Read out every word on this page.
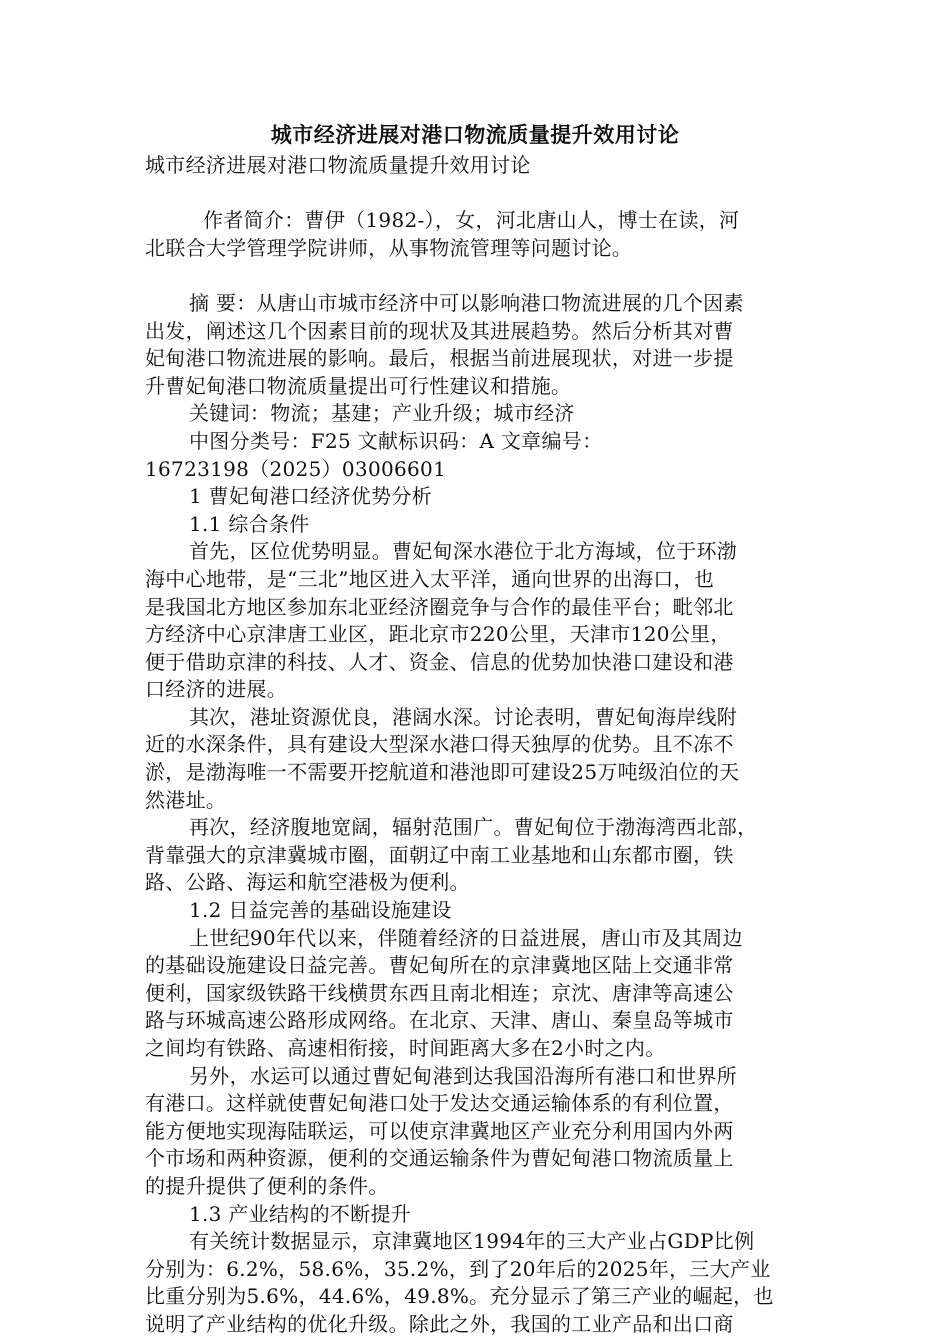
城市经济进展对港口物流质量提升效用讨论

城市经济进展对港口物流质量提升效用讨论

作者简介：曹伊（1982-），女，河北唐山人，博士在读，河

北联合大学管理学院讲师，从事物流管理等问题讨论。

摘 要：从唐山市城市经济中可以影响港口物流进展的几个因素

出发，阐述这几个因素目前的现状及其进展趋势。然后分析其对曹

妃甸港口物流进展的影响。最后，根据当前进展现状，对进一步提

升曹妃甸港口物流质量提出可行性建议和措施。

关键词：物流；基建；产业升级；城市经济

中图分类号：F25 文献标识码：A 文章编号：

16723198（2025）03006601

1 曹妃甸港口经济优势分析

1.1 综合条件

首先，区位优势明显。曹妃甸深水港位于北方海域，位于环渤

海中心地带，是“三北”地区进入太平洋，通向世界的出海口，也

是我国北方地区参加东北亚经济圈竞争与合作的最佳平台；毗邻北

方经济中心京津唐工业区，距北京市220公里，天津市120公里，

便于借助京津的科技、人才、资金、信息的优势加快港口建设和港

口经济的进展。

其次，港址资源优良，港阔水深。讨论表明，曹妃甸海岸线附

近的水深条件，具有建设大型深水港口得天独厚的优势。且不冻不

淤，是渤海唯一不需要开挖航道和港池即可建设25万吨级泊位的天

然港址。

再次，经济腹地宽阔，辐射范围广。曹妃甸位于渤海湾西北部，

背靠强大的京津冀城市圈，面朝辽中南工业基地和山东都市圈，铁

路、公路、海运和航空港极为便利。

1.2 日益完善的基础设施建设

上世纪90年代以来，伴随着经济的日益进展，唐山市及其周边

的基础设施建设日益完善。曹妃甸所在的京津冀地区陆上交通非常

便利，国家级铁路干线横贯东西且南北相连；京沈、唐津等高速公

路与环城高速公路形成网络。在北京、天津、唐山、秦皇岛等城市

之间均有铁路、高速相衔接，时间距离大多在2小时之内。

另外，水运可以通过曹妃甸港到达我国沿海所有港口和世界所

有港口。这样就使曹妃甸港口处于发达交通运输体系的有利位置，

能方便地实现海陆联运，可以使京津冀地区产业充分利用国内外两

个市场和两种资源，便利的交通运输条件为曹妃甸港口物流质量上

的提升提供了便利的条件。

1.3 产业结构的不断提升

有关统计数据显示，京津冀地区1994年的三大产业占GDP比例

分别为：6.2%，58.6%，35.2%，到了20年后的2025年，三大产业

比重分别为5.6%，44.6%，49.8%。充分显示了第三产业的崛起，也

说明了产业结构的优化升级。除此之外，我国的工业产品和出口商
